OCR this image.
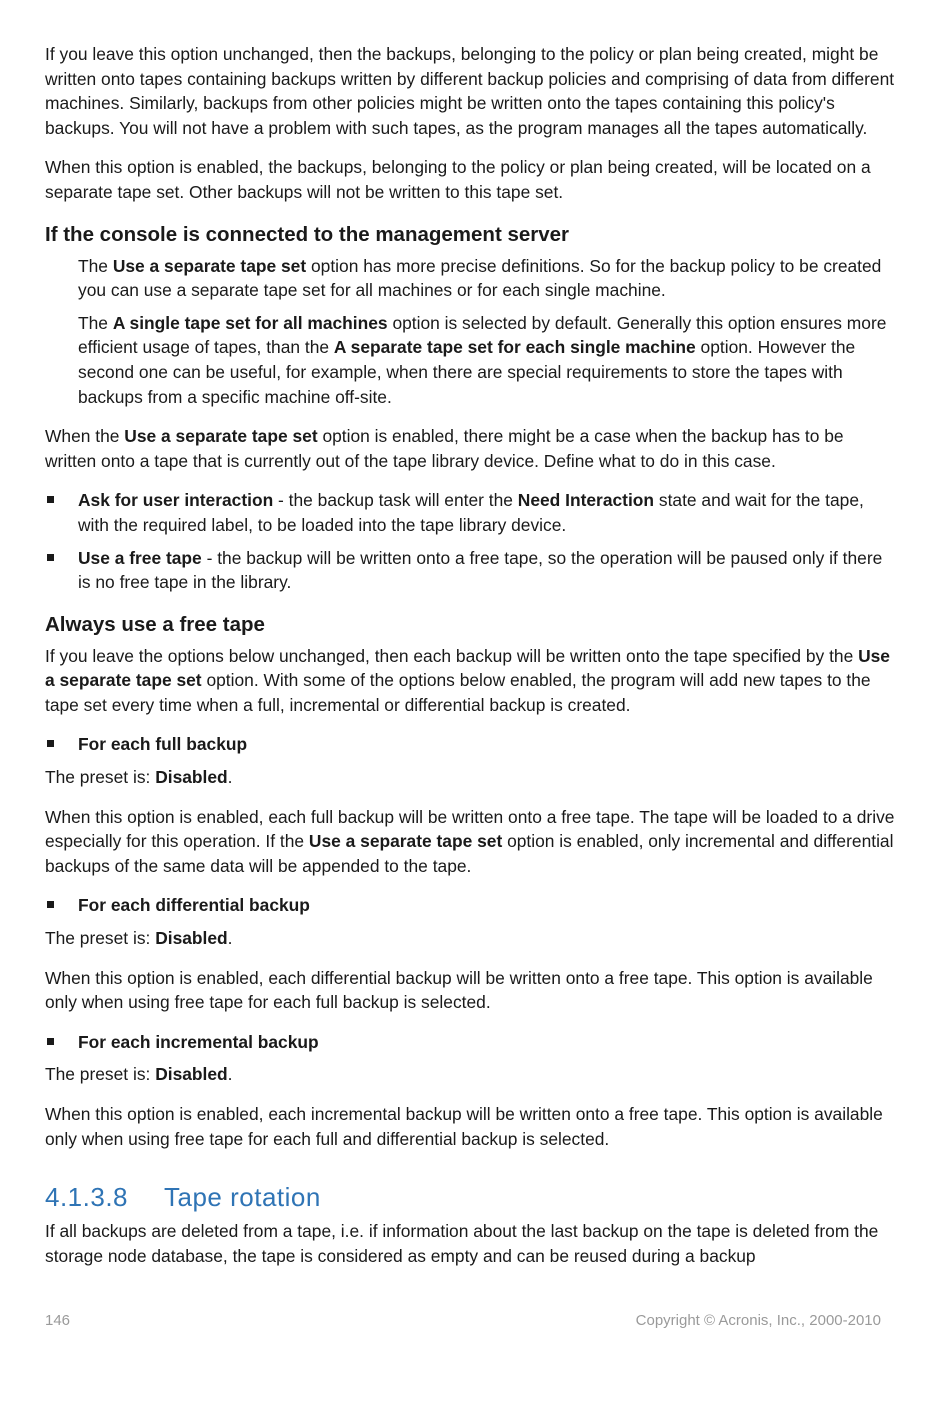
If you leave this option unchanged, then the backups, belonging to the policy or plan being created, might be written onto tapes containing backups written by different backup policies and comprising of data from different machines. Similarly, backups from other policies might be written onto the tapes containing this policy's backups. You will not have a problem with such tapes, as the program manages all the tapes automatically.

When this option is enabled, the backups, belonging to the policy or plan being created, will be located on a separate tape set. Other backups will not be written to this tape set.

If the console is connected to the management server

The Use a separate tape set option has more precise definitions. So for the backup policy to be created you can use a separate tape set for all machines or for each single machine.

The A single tape set for all machines option is selected by default. Generally this option ensures more efficient usage of tapes, than the A separate tape set for each single machine option. However the second one can be useful, for example, when there are special requirements to store the tapes with backups from a specific machine off-site.

When the Use a separate tape set option is enabled, there might be a case when the backup has to be written onto a tape that is currently out of the tape library device. Define what to do in this case.

Ask for user interaction - the backup task will enter the Need Interaction state and wait for the tape, with the required label, to be loaded into the tape library device.

Use a free tape - the backup will be written onto a free tape, so the operation will be paused only if there is no free tape in the library.

Always use a free tape

If you leave the options below unchanged, then each backup will be written onto the tape specified by the Use a separate tape set option. With some of the options below enabled, the program will add new tapes to the tape set every time when a full, incremental or differential backup is created.

For each full backup

The preset is: Disabled.

When this option is enabled, each full backup will be written onto a free tape. The tape will be loaded to a drive especially for this operation. If the Use a separate tape set option is enabled, only incremental and differential backups of the same data will be appended to the tape.

For each differential backup

The preset is: Disabled.

When this option is enabled, each differential backup will be written onto a free tape. This option is available only when using free tape for each full backup is selected.

For each incremental backup

The preset is: Disabled.

When this option is enabled, each incremental backup will be written onto a free tape. This option is available only when using free tape for each full and differential backup is selected.

4.1.3.8 Tape rotation

If all backups are deleted from a tape, i.e. if information about the last backup on the tape is deleted from the storage node database, the tape is considered as empty and can be reused during a backup

146	Copyright © Acronis, Inc., 2000-2010
